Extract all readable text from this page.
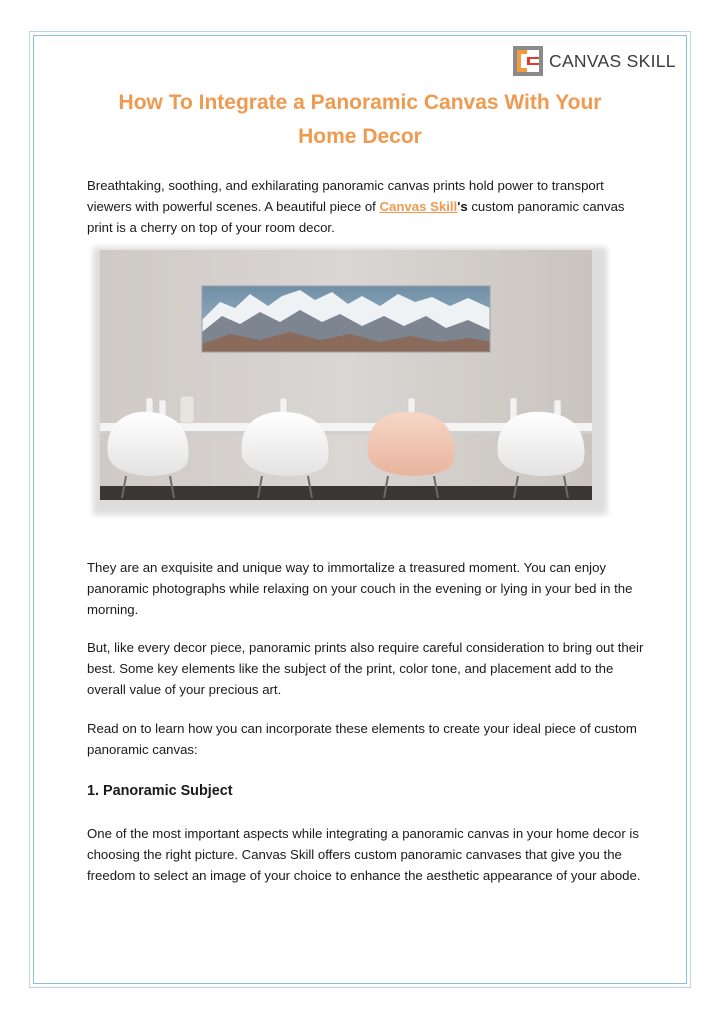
CANVAS SKILL
How To Integrate a Panoramic Canvas With Your
Home Decor

Breathtaking, soothing, and exhilarating panoramic canvas prints hold power to transport viewers with powerful scenes. A beautiful piece of Canvas Skill's custom panoramic canvas print is a cherry on top of your room decor.

They are an exquisite and unique way to immortalize a treasured moment. You can enjoy panoramic photographs while relaxing on your couch in the evening or lying in your bed in the morning.

But, like every decor piece, panoramic prints also require careful consideration to bring out their best. Some key elements like the subject of the print, color tone, and placement add to the overall value of your precious art.

Read on to learn how you can incorporate these elements to create your ideal piece of custom panoramic canvas:

1. Panoramic Subject

One of the most important aspects while integrating a panoramic canvas in your home decor is choosing the right picture. Canvas Skill offers custom panoramic canvases that give you the freedom to select an image of your choice to enhance the aesthetic appearance of your abode.
